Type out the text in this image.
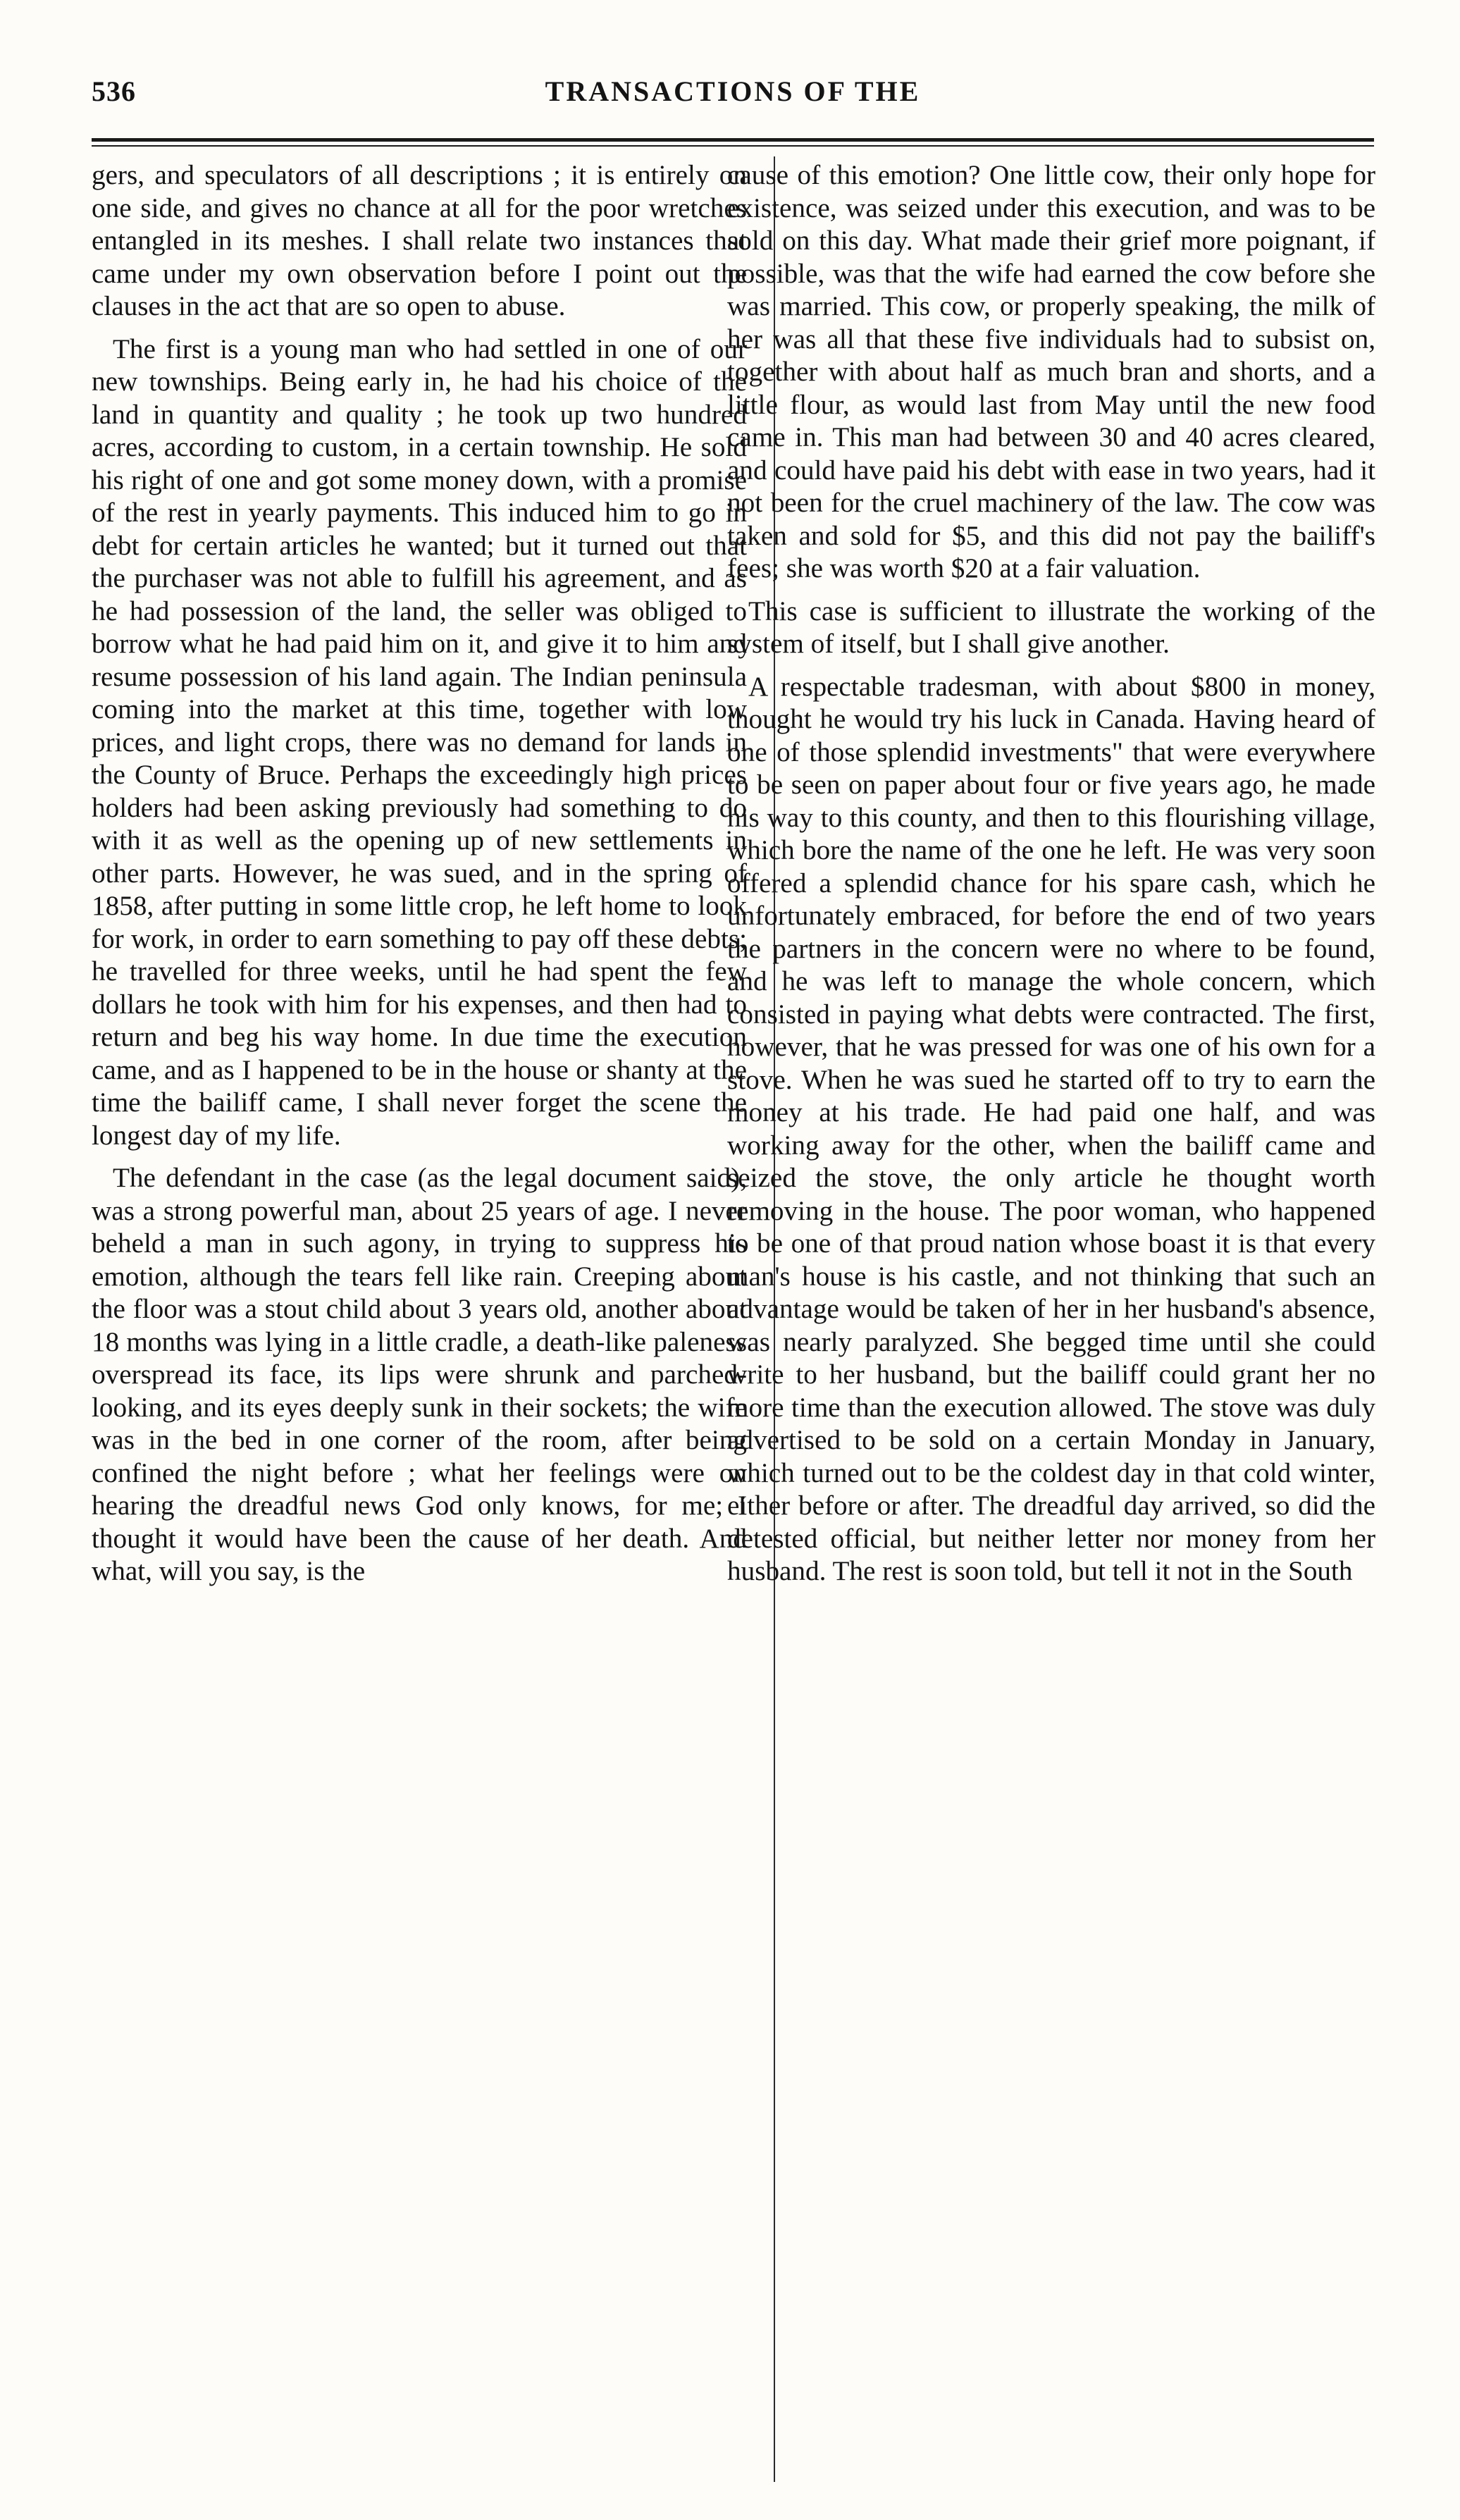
536	TRANSACTIONS OF THE

gers, and speculators of all descriptions ; it is entirely on one side, and gives no chance at all for the poor wretches entangled in its meshes. I shall relate two instances that came under my own observation before I point out the clauses in the act that are so open to abuse.

The first is a young man who had settled in one of our new townships. Being early in, he had his choice of the land in quantity and quality ; he took up two hundred acres, according to custom, in a certain township. He sold his right of one and got some money down, with a promise of the rest in yearly payments. This induced him to go in debt for certain articles he wanted; but it turned out that the purchaser was not able to fulfill his agreement, and as he had possession of the land, the seller was obliged to borrow what he had paid him on it, and give it to him and resume possession of his land again. The Indian peninsula coming into the market at this time, together with low prices, and light crops, there was no demand for lands in the County of Bruce. Perhaps the exceedingly high prices holders had been asking previously had something to do with it as well as the opening up of new settlements in other parts. However, he was sued, and in the spring of 1858, after putting in some little crop, he left home to look for work, in order to earn something to pay off these debts; he travelled for three weeks, until he had spent the few dollars he took with him for his expenses, and then had to return and beg his way home. In due time the execution came, and as I happened to be in the house or shanty at the time the bailiff came, I shall never forget the scene the longest day of my life.

The defendant in the case (as the legal document said), was a strong powerful man, about 25 years of age. I never beheld a man in such agony, in trying to suppress his emotion, although the tears fell like rain. Creeping about the floor was a stout child about 3 years old, another about 18 months was lying in a little cradle, a death-like paleness overspread its face, its lips were shrunk and parched-looking, and its eyes deeply sunk in their sockets; the wife was in the bed in one corner of the room, after being confined the night before ; what her feelings were on hearing the dreadful news God only knows, for me; I thought it would have been the cause of her death. And what, will you say, is the

cause of this emotion? One little cow, their only hope for existence, was seized under this execution, and was to be sold on this day. What made their grief more poignant, if possible, was that the wife had earned the cow before she was married. This cow, or properly speaking, the milk of her was all that these five individuals had to subsist on, together with about half as much bran and shorts, and a little flour, as would last from May until the new food came in. This man had between 30 and 40 acres cleared, and could have paid his debt with ease in two years, had it not been for the cruel machinery of the law. The cow was taken and sold for $5, and this did not pay the bailiff's fees; she was worth $20 at a fair valuation.

This case is sufficient to illustrate the working of the system of itself, but I shall give another.

A respectable tradesman, with about $800 in money, thought he would try his luck in Canada. Having heard of one of those splendid investments" that were everywhere to be seen on paper about four or five years ago, he made his way to this county, and then to this flourishing village, which bore the name of the one he left. He was very soon offered a splendid chance for his spare cash, which he unfortunately embraced, for before the end of two years the partners in the concern were no where to be found, and he was left to manage the whole concern, which consisted in paying what debts were contracted. The first, however, that he was pressed for was one of his own for a stove. When he was sued he started off to try to earn the money at his trade. He had paid one half, and was working away for the other, when the bailiff came and seized the stove, the only article he thought worth removing in the house. The poor woman, who happened to be one of that proud nation whose boast it is that every man's house is his castle, and not thinking that such an advantage would be taken of her in her husband's absence, was nearly paralyzed. She begged time until she could write to her husband, but the bailiff could grant her no more time than the execution allowed. The stove was duly advertised to be sold on a certain Monday in January, which turned out to be the coldest day in that cold winter, either before or after. The dreadful day arrived, so did the detested official, but neither letter nor money from her husband. The rest is soon told, but tell it not in the South
